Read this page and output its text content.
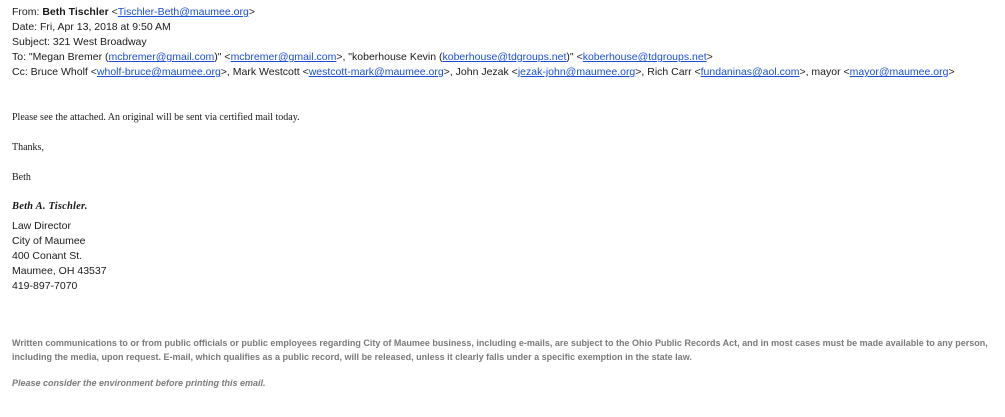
From: Beth Tischler <Tischler-Beth@maumee.org>
Date: Fri, Apr 13, 2018 at 9:50 AM
Subject: 321 West Broadway
To: "Megan Bremer (mcbremer@gmail.com)" <mcbremer@gmail.com>, "koberhouse Kevin (koberhouse@tdgroups.net)" <koberhouse@tdgroups.net>
Cc: Bruce Wholf <wholf-bruce@maumee.org>, Mark Westcott <westcott-mark@maumee.org>, John Jezak <jezak-john@maumee.org>, Rich Carr <fundaninas@aol.com>, mayor <mayor@maumee.org>
Please see the attached. An original will be sent via certified mail today.
Thanks,
Beth
Beth A. Tischler.
Law Director
City of Maumee
400 Conant St.
Maumee, OH 43537
419-897-7070
Written communications to or from public officials or public employees regarding City of Maumee business, including e-mails, are subject to the Ohio Public Records Act, and in most cases must be made available to any person, including the media, upon request. E-mail, which qualifies as a public record, will be released, unless it clearly falls under a specific exemption in the state law.
Please consider the environment before printing this email.
